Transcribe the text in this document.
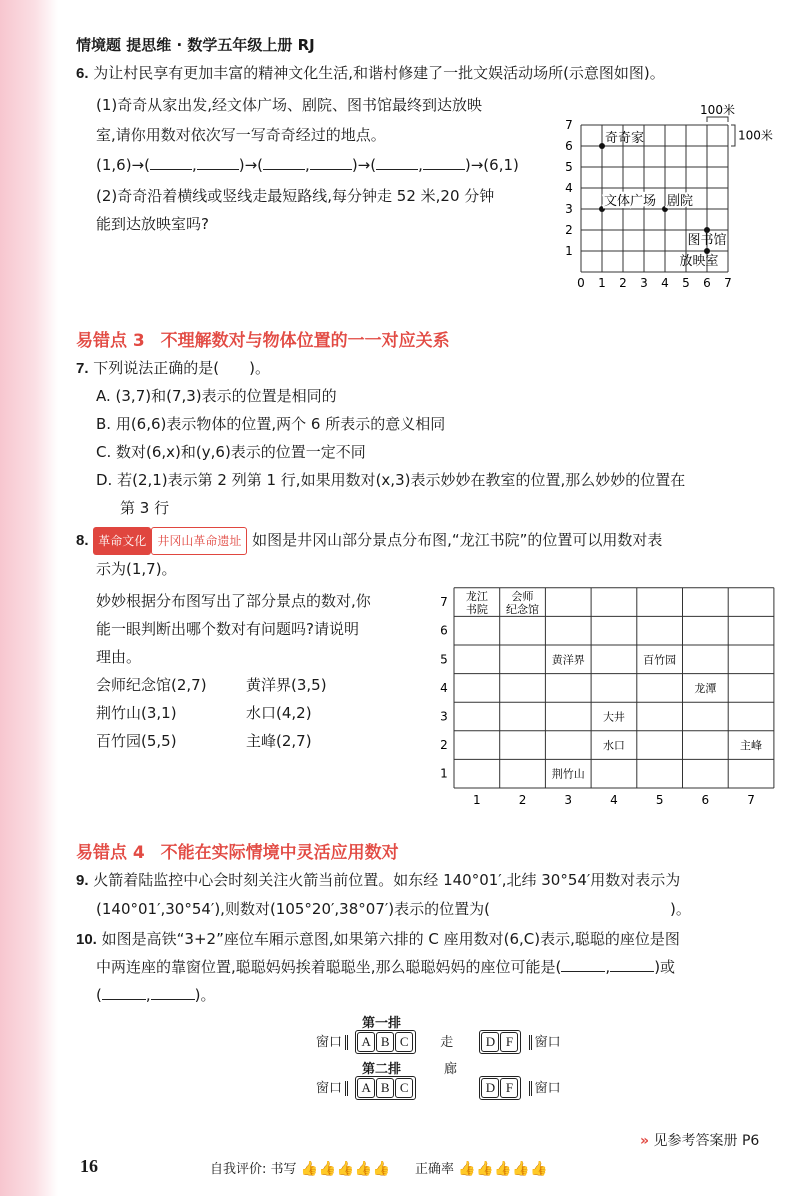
情境题 提思维 · 数学五年级上册 RJ
6. 为让村民享有更加丰富的精神文化生活,和谐村修建了一批文娱活动场所(示意图如图)。
(1)奇奇从家出发,经文体广场、剧院、图书馆最终到达放映
室,请你用数对依次写一写奇奇经过的地点。
(1,6)→(	,	)→(	,	)→(	,	)→(6,1)
(2)奇奇沿着横线或竖线走最短路线,每分钟走 52 米,20 分钟
能到达放映室吗?
0 1 2 3 4 5 6 7
1
2
3
4
5
6
7
100米
100米
奇奇家
文体广场 剧院
图书馆
放映室
易错点 3 不理解数对与物体位置的一一对应关系
7. 下列说法正确的是(　　)。
A. (3,7)和(7,3)表示的位置是相同的
B. 用(6,6)表示物体的位置,两个 6 所表示的意义相同
C. 数对(6,x)和(y,6)表示的位置一定不同
D. 若(2,1)表示第 2 列第 1 行,如果用数对(x,3)表示妙妙在教室的位置,那么妙妙的位置在
第 3 行
8. 革命文化 井冈山革命遗址 如图是井冈山部分景点分布图,“龙江书院”的位置可以用数对表
示为(1,7)。
妙妙根据分布图写出了部分景点的数对,你
能一眼判断出哪个数对有问题吗?请说明
理由。
会师纪念馆(2,7)	黄洋界(3,5)
荆竹山(3,1)	水口(4,2)
百竹园(5,5)	主峰(2,7)
1	2	3	4	5	6	7
1
2
3
4
5
6
7 龙江
书院
会师
纪念馆
黄洋界	百竹园
龙潭
大井
水口	主峰
荆竹山
易错点 4 不能在实际情境中灵活应用数对
9. 火箭着陆监控中心会时刻关注火箭当前位置。如东经 140°01′,北纬 30°54′用数对表示为
(140°01′,30°54′),则数对(105°20′,38°07′)表示的位置为(	)。
10. 如图是高铁“3+2”座位车厢示意图,如果第六排的 C 座用数对(6,C)表示,聪聪的座位是图
中两连座的靠窗位置,聪聪妈妈挨着聪聪坐,那么聪聪妈妈的座位可能是(	,	)或
(	,	)。
第一排
窗口 A B C 走 D F 窗口
第二排
窗口 A B C	D F 窗口
廊
» 见参考答案册 P6
16	自我评价: 书写 👍👍👍👍👍 正确率 👍👍👍👍👍
